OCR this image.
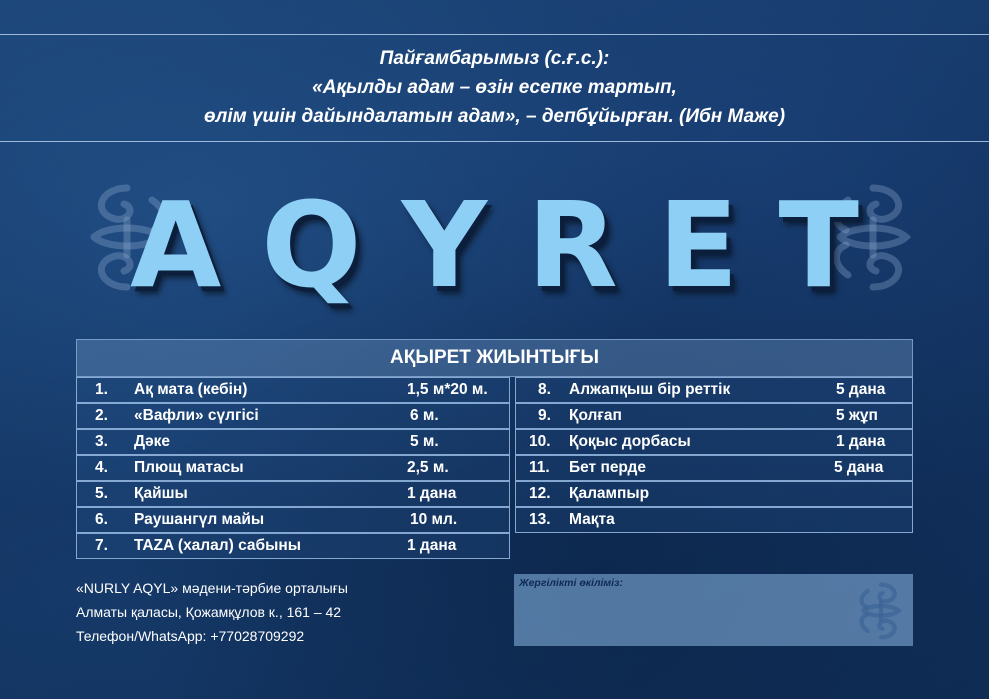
Пайғамбарымыз (с.ғ.с.):
«Ақылды адам – өзін есепке тартып,
өлім үшін дайындалатын адам», – депбұйырған. (Ибн Маже)
AQYRET
АҚЫРЕТ ЖИЫНТЫҒЫ
1. Ақ мата (кебін)	1,5 м*20 м.
2. «Вафли» сүлгісі	6 м.
3. Дәке	5 м.
4. Плющ матасы	2,5 м.
5. Қайшы	1 дана
6. Раушангүл майы	10 мл.
7. TAZA (халал) сабыны	1 дана
8. Алжапқыш бір реттік	5 дана
9. Қолғап	5 жұп
10. Қоқыс дорбасы	1 дана
11. Бет перде	5 дана
12. Қалампыр
13. Мақта
«NURLY AQYL» мәдени-тәрбие орталығы
Алматы қаласы, Қожамқұлов к., 161 – 42
Телефон/WhatsApp: +77028709292
Жергілікті өкіліміз:
